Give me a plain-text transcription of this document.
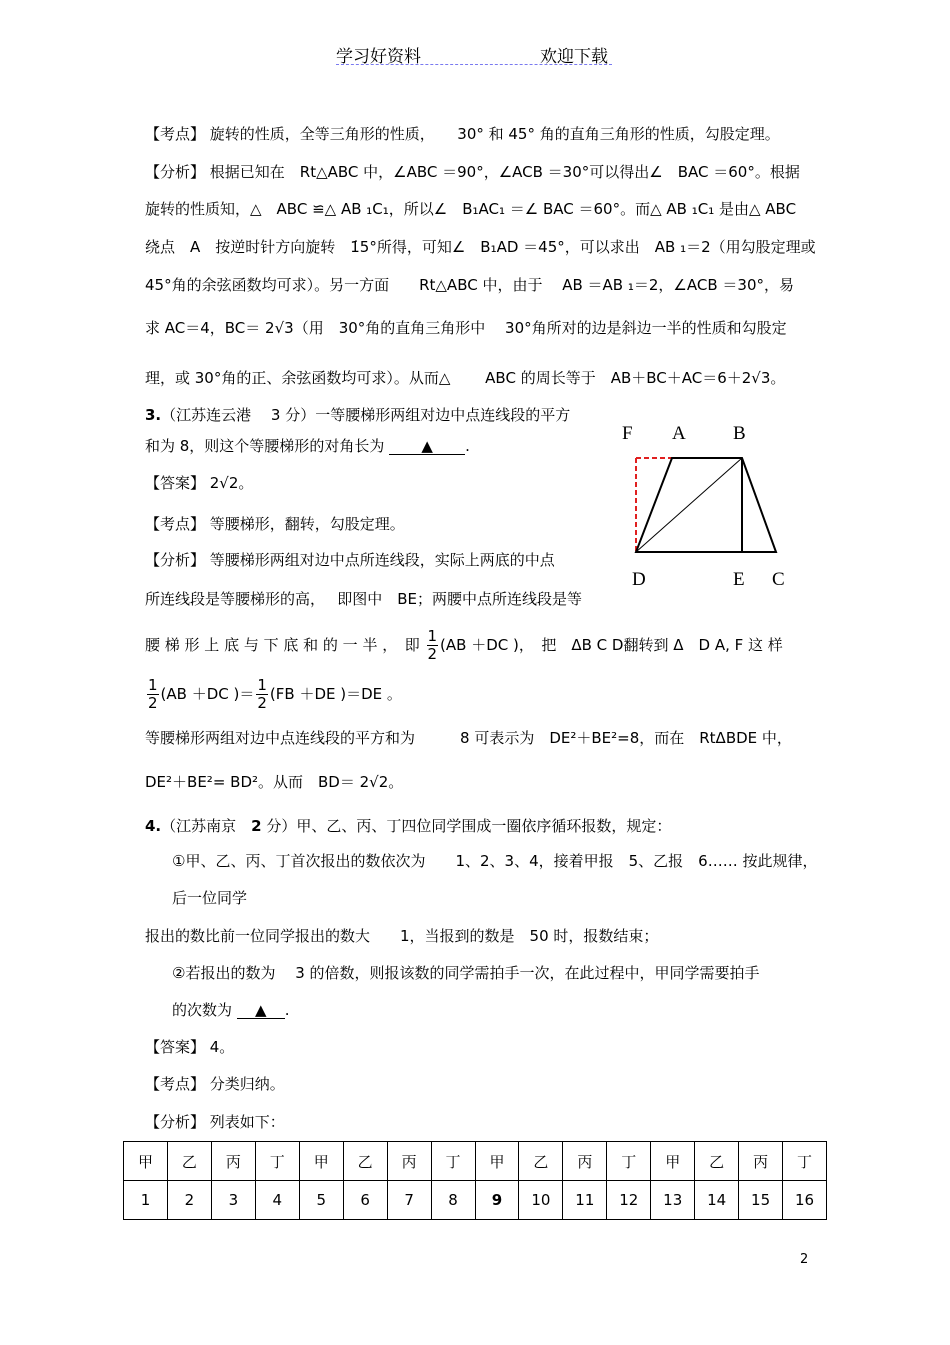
学习好资料	欢迎下载
【考点】 旋转的性质，全等三角形的性质，　　30° 和 45° 角的直角三角形的性质，勾股定理。
【分析】 根据已知在　Rt△ABC 中，∠ABC ＝90°，∠ACB ＝30°可以得出∠　BAC ＝60°。根据
旋转的性质知，△　ABC ≌△ AB ₁C₁，所以∠　B₁AC₁ ＝∠ BAC ＝60°。而△ AB ₁C₁ 是由△ ABC
绕点　A　按逆时针方向旋转　1̇5°所得，可知∠　B₁AD ＝45°，可以求出　AB ₁＝2（用勾股定理或
45°角的余弦函数均可求）。另一方面　　Rt△ABC 中，由于　 AB ＝AB ₁＝2，∠ACB ＝30°，易
求 AC＝4，BC＝ 2√3（用　30°角的直角三角形中　 30°角所对的边是斜边一半的性质和勾股定
理，或 30°角的正、余弦函数均可求）。从而△　　 ABC 的周长等于　AB＋BC＋AC＝6＋2√3。
3.（江苏连云港　 3 分）一等腰梯形两组对边中点连线段的平方
和为 8，则这个等腰梯形的对角长为 ▲ .
【答案】 2√2。
【考点】 等腰梯形，翻转，勾股定理。
【分析】 等腰梯形两组对边中点所连线段，实际上两底的中点
所连线段是等腰梯形的高，　 即图中　BE；两腰中点所连线段是等
腰 梯 形 上 底 与 下 底 和 的 一 半 ，　即 $\frac{1}{2} (AB +DC$ )，　把　ΔB C D翻转到 Δ　D A, F 这 样
$\frac{1}{2} (AB +DC$ )＝ $\frac{1}{2} (FB +DE$ )＝DE 。
等腰梯形两组对边中点连线段的平方和为　　　8 可表示为　DE²＋BE²=8，而在　RtΔBDE 中，
DE²＋BE²= BD²。从而　BD＝ 2√2。
4.（江苏南京　2 分）甲、乙、丙、丁四位同学围成一圈依序循环报数，规定：
①甲、乙、丙、丁首次报出的数依次为　　1、2、3、4，接着甲报　5、乙报　6…… 按此规律，
后一位同学
报出的数比前一位同学报出的数大　　1，当报到的数是　50 时，报数结束；
②若报出的数为　 3 的倍数，则报该数的同学需拍手一次，在此过程中，甲同学需要拍手
的次数为 ▲ .
【答案】 4。
【考点】 分类归纳。
【分析】 列表如下：
F A B
D	E C
甲	乙	丙	丁	甲	乙	丙	丁	甲	乙	丙	丁	甲	乙	丙	丁
1	2	3	4	5	6	7	8	9	10	11	12	13	14	15	16
2
